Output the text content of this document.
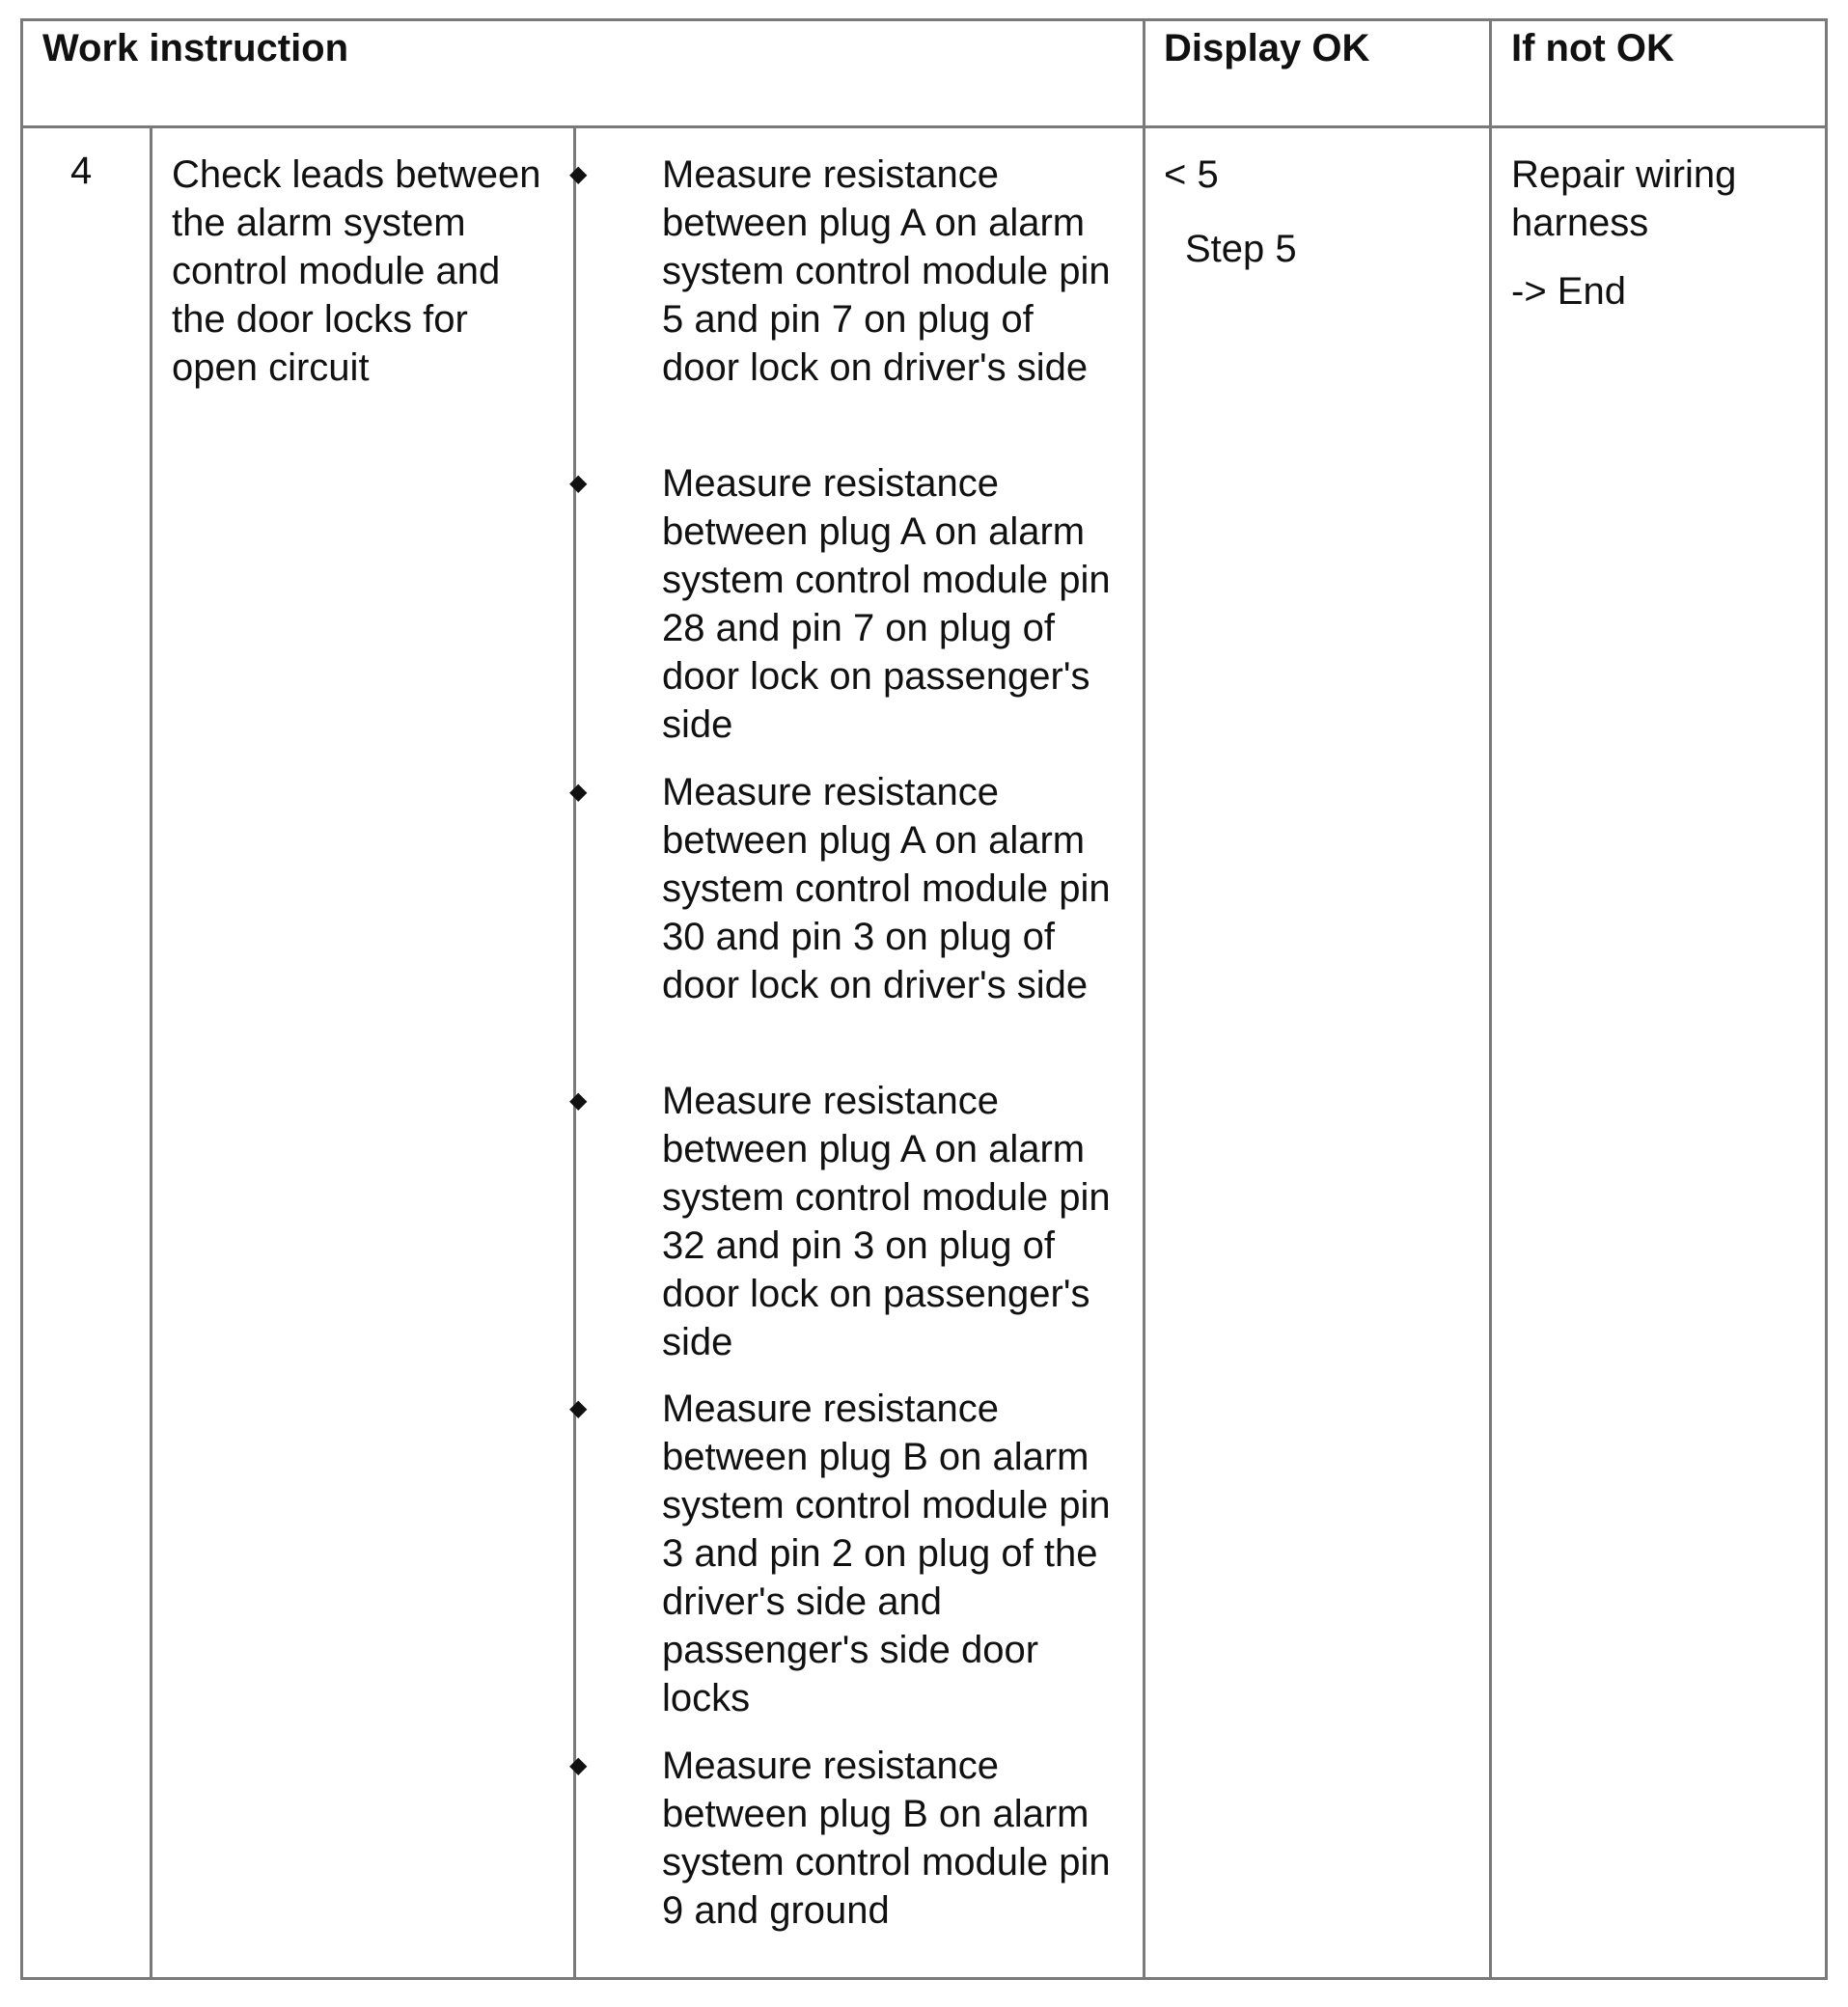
Work instruction	Display OK	If not OK
4 Check leads between the alarm system control module and the door locks for open circuit
◆ Measure resistance between plug A on alarm system control module pin 5 and pin 7 on plug of door lock on driver's side
◆ Measure resistance between plug A on alarm system control module pin 28 and pin 7 on plug of door lock on passenger's side
◆ Measure resistance between plug A on alarm system control module pin 30 and pin 3 on plug of door lock on driver's side
◆ Measure resistance between plug A on alarm system control module pin 32 and pin 3 on plug of door lock on passenger's side
◆ Measure resistance between plug B on alarm system control module pin 3 and pin 2 on plug of the driver's side and passenger's side door locks
◆ Measure resistance between plug B on alarm system control module pin 9 and ground
< 5
Step 5
Repair wiring harness
-> End
